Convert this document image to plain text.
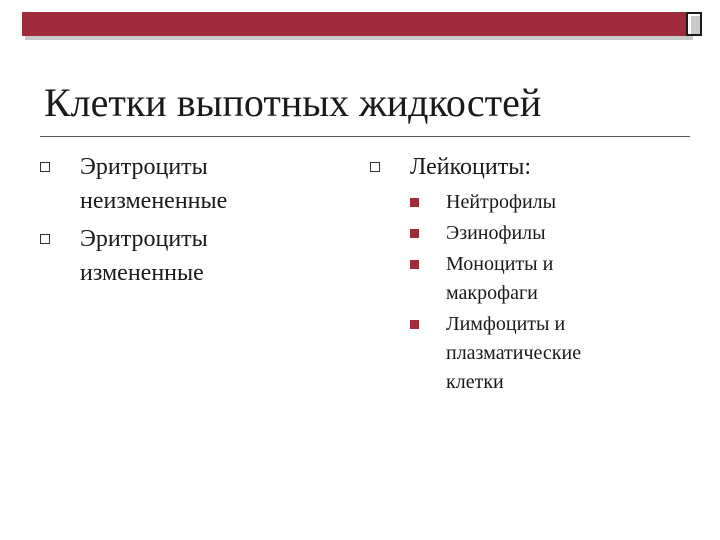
Клетки выпотных жидкостей
Эритроциты
неизмененные
Эритроциты
измененные
Лейкоциты:
Нейтрофилы
Эзинофилы
Моноциты и
макрофаги
Лимфоциты и
плазматические
клетки
